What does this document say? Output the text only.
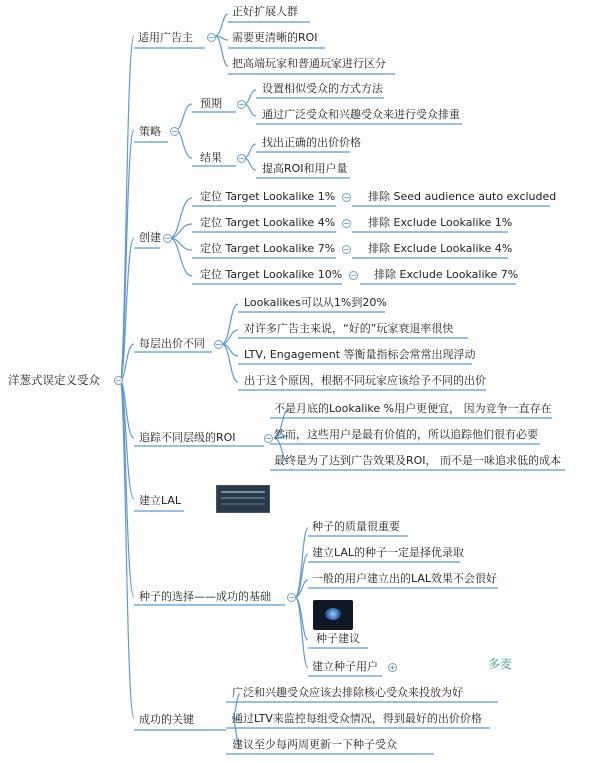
洋葱式误定义受众 −
适用广告主 −
正好扩展人群
需要更清晰的ROI
把高端玩家和普通玩家进行区分
策略 −
预期 −
设置相似受众的方式方法
通过广泛受众和兴趣受众来进行受众排重
结果 −
找出正确的出价价格
提高ROI和用户量
创建 −
定位 Target Lookalike 1% − 排除 Seed audience auto excluded
定位 Target Lookalike 4% − 排除 Exclude Lookalike 1%
定位 Target Lookalike 7% − 排除 Exclude Lookalike 4%
定位 Target Lookalike 10% − 排除 Exclude Lookalike 7%
每层出价不同 −
Lookalikes可以从1%到20%
对许多广告主来说，“好的”玩家衰退率很快
LTV, Engagement 等衡量指标会常常出现浮动
出于这个原因，根据不同玩家应该给予不同的出价
追踪不同层级的ROI	−
不是月底的Lookalike %用户更便宜， 因为竞争一直存在
然而，这些用户是最有价值的，所以追踪他们很有必要
最终是为了达到广告效果及ROI， 而不是一味追求低的成本
建立LAL
种子的选择——成功的基础 −
种子的质量很重要
建立LAL的种子一定是择优录取
一般的用户建立出的LAL效果不会很好
种子建议
建立种子用户 +
成功的关键
广泛和兴趣受众应该去排除核心受众来投放为好
通过LTV来监控每组受众情况，得到最好的出价价格
建议至少每两周更新一下种子受众
多麦
